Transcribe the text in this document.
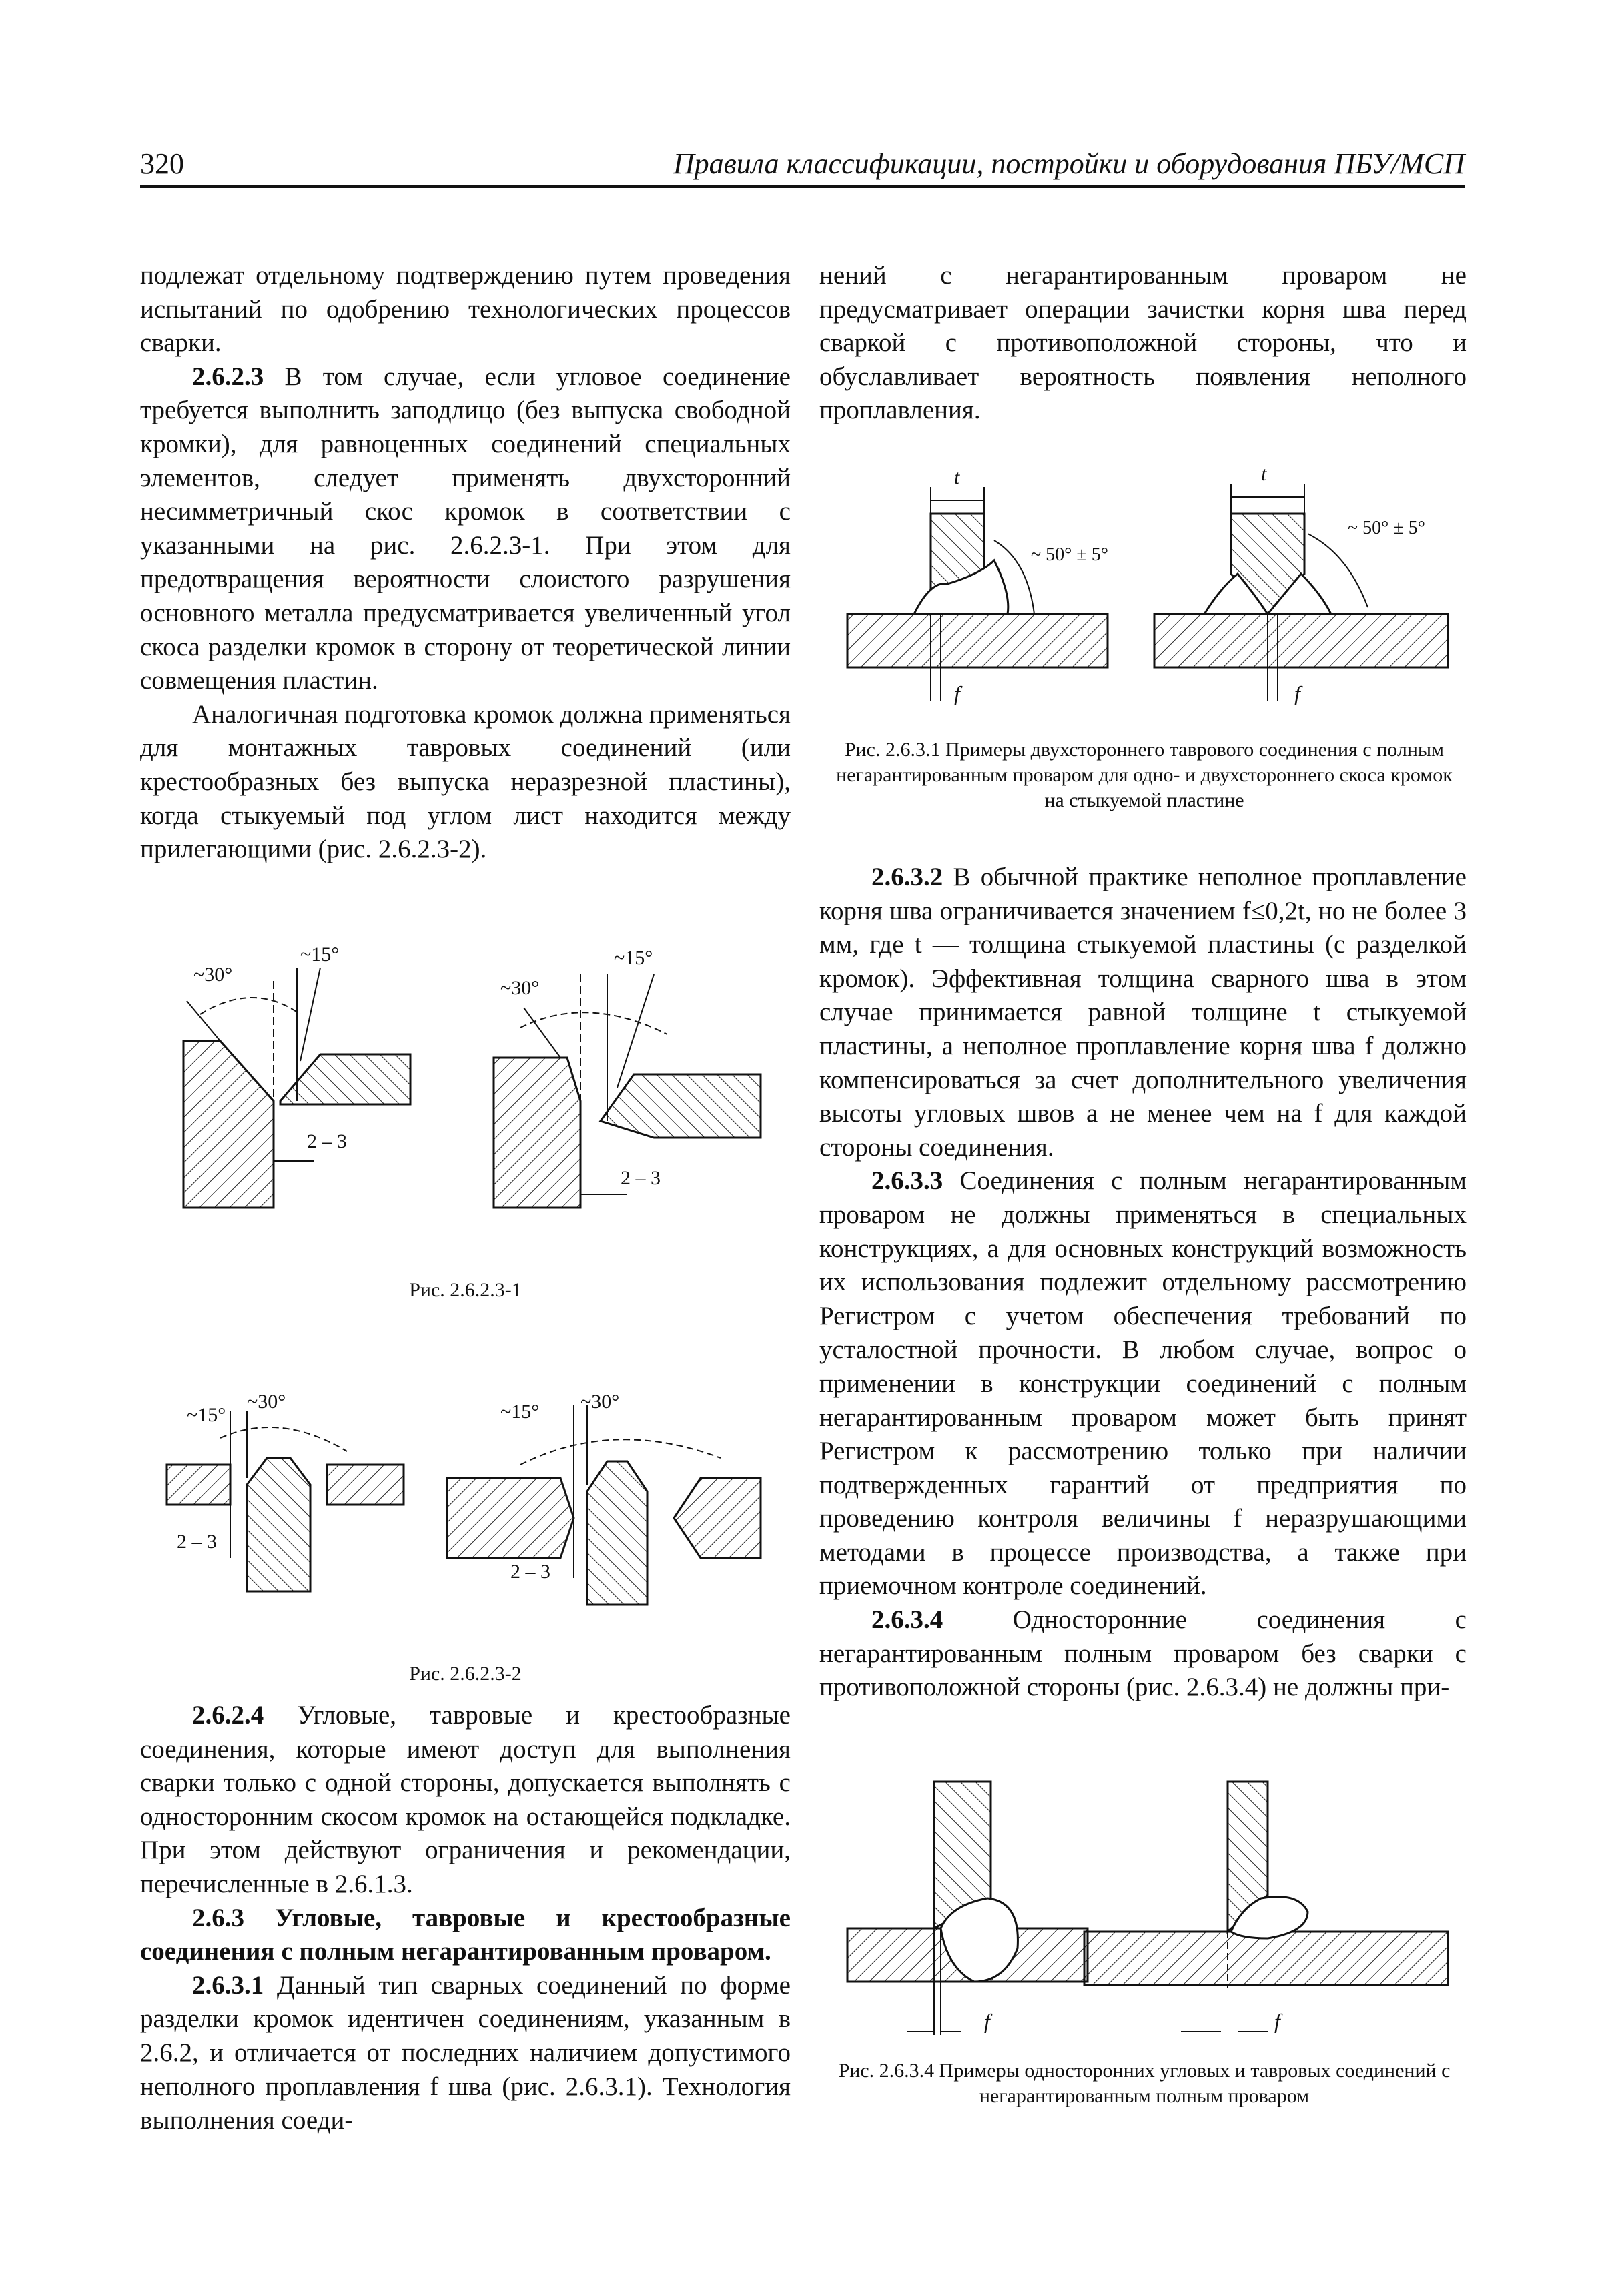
320	Правила классификации, постройки и оборудования ПБУ/МСП

подлежат отдельному подтверждению путем проведения испытаний по одобрению технологических процессов сварки.

2.6.2.3 В том случае, если угловое соединение требуется выполнить заподлицо (без выпуска свободной кромки), для равноценных соединений специальных элементов, следует применять двухсторонний несимметричный скос кромок в соответствии с указанными на рис. 2.6.2.3-1. При этом для предотвращения вероятности слоистого разрушения основного металла предусматривается увеличенный угол скоса разделки кромок в сторону от теоретической линии совмещения пластин.

Аналогичная подготовка кромок должна применяться для монтажных тавровых соединений (или крестообразных без выпуска неразрезной пластины), когда стыкуемый под углом лист находится между прилегающими (рис. 2.6.2.3-2).

~30°
~15°
2 – 3
~30°
~15°
2 – 3
Рис. 2.6.2.3-1
~15°
~30°
2 – 3
~15° ~30°
2 – 3
Рис. 2.6.2.3-2

2.6.2.4 Угловые, тавровые и крестообразные соединения, которые имеют доступ для выполнения сварки только с одной стороны, допускается выполнять с односторонним скосом кромок на остающейся подкладке. При этом действуют ограничения и рекомендации, перечисленные в 2.6.1.3.

2.6.3 Угловые, тавровые и крестообразные соединения с полным негарантированным проваром.

2.6.3.1 Данный тип сварных соединений по форме разделки кромок идентичен соединениям, указанным в 2.6.2, и отличается от последних наличием допустимого неполного проплавления f шва (рис. 2.6.3.1). Технология выполнения соеди-

нений с негарантированным проваром не предусматривает операции зачистки корня шва перед сваркой с противоположной стороны, что и обуславливает вероятность появления неполного проплавления.

t
~ 50° ± 5°
f
t
~ 50° ± 5°
f
Рис. 2.6.3.1 Примеры двухстороннего таврового соединения с полным негарантированным проваром для одно- и двухстороннего скоса кромок на стыкуемой пластине

2.6.3.2 В обычной практике неполное проплавление корня шва ограничивается значением f≤0,2t, но не более 3 мм, где t — толщина стыкуемой пластины (с разделкой кромок). Эффективная толщина сварного шва в этом случае принимается равной толщине t стыкуемой пластины, а неполное проплавление корня шва f должно компенсироваться за счет дополнительного увеличения высоты угловых швов a не менее чем на f для каждой стороны соединения.

2.6.3.3 Соединения с полным негарантированным проваром не должны применяться в специальных конструкциях, а для основных конструкций возможность их использования подлежит отдельному рассмотрению Регистром с учетом обеспечения требований по усталостной прочности. В любом случае, вопрос о применении в конструкции соединений с полным негарантированным проваром может быть принят Регистром к рассмотрению только при наличии подтвержденных гарантий от предприятия по проведению контроля величины f неразрушающими методами в процессе производства, а также при приемочном контроле соединений.

2.6.3.4 Односторонние соединения с негарантированным полным проваром без сварки с противоположной стороны (рис. 2.6.3.4) не должны при-

f	f
Рис. 2.6.3.4 Примеры односторонних угловых и тавровых соединений с негарантированным полным проваром
